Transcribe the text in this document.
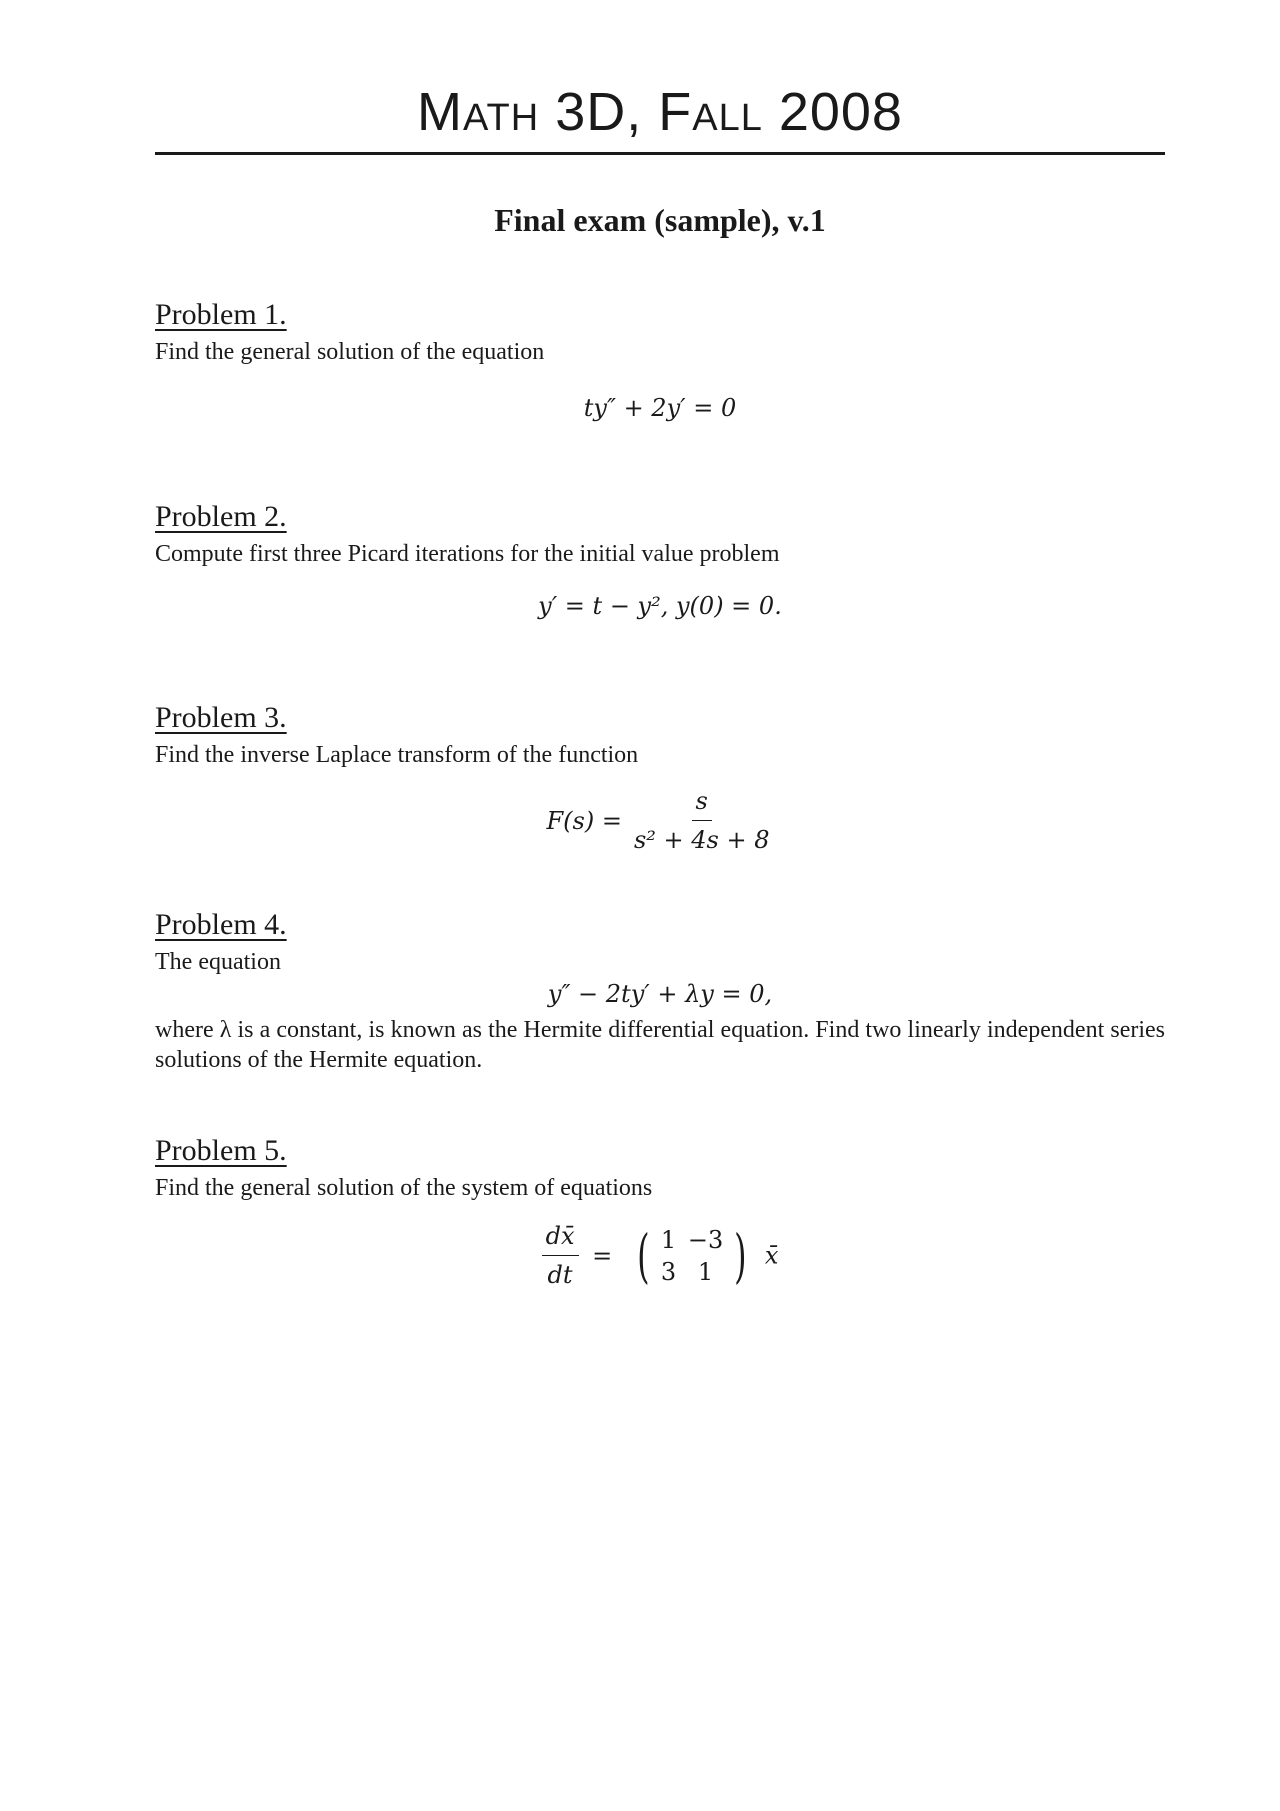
Math 3D, Fall 2008
Final exam (sample), v.1
Problem 1.
Find the general solution of the equation
ty″ + 2y′ = 0
Problem 2.
Compute first three Picard iterations for the initial value problem
y′ = t − y², y(0) = 0.
Problem 3.
Find the inverse Laplace transform of the function
$F(s) = \frac{s}{\text{s² + 4s + 8}}$
Problem 4.
The equation
y″ − 2ty′ + λy = 0,
where λ is a constant, is known as the Hermite differential equation. Find two linearly independent series solutions of the Hermite equation.
Problem 5.
Find the general solution of the system of equations
$\frac{dx̄}{dt}$ = ( 1 −3
3 1 ) x̄
